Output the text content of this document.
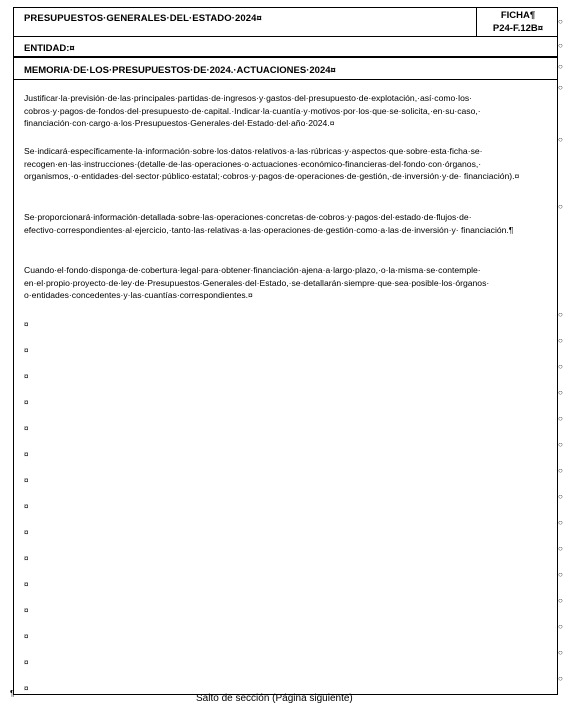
PRESUPUESTOS·GENERALES·DEL·ESTADO·2024¤	FICHA¶
P24-F.12B¤
ENTIDAD:¤
MEMORIA·DE·LOS·PRESUPUESTOS·DE·2024.·ACTUACIONES·2024¤
Justificar·la·previsión·de·las·principales·partidas·de·ingresos·y·gastos·del·presupuesto·de·explotación,·así·como·los· cobros·y·pagos·de·fondos·del·presupuesto·de·capital.·Indicar·la·cuantía·y·motivos·por·los·que·se·solicita,·en·su·caso,· financiación·con·cargo·a·los·Presupuestos·Generales·del·Estado·del·año·2024.¤
Se·indicará·específicamente·la·información·sobre·los·datos·relativos·a·las·rúbricas·y·aspectos·que·sobre·esta·ficha·se· recogen·en·las·instrucciones·(detalle·de·las·operaciones·o·actuaciones·económico-financieras·del·fondo·con·órganos,· organismos,·o·entidades·del·sector·público·estatal;·cobros·y·pagos·de·operaciones·de·gestión,·de·inversión·y·de· financiación).¤
Se·proporcionará·información·detallada·sobre·las·operaciones·concretas·de·cobros·y·pagos·del·estado·de·flujos·de· efectivo·correspondientes·al·ejercicio,·tanto·las·relativas·a·las·operaciones·de·gestión·como·a·las·de·inversión·y· financiación.¶
Cuando·el·fondo·disponga·de·cobertura·legal·para·obtener·financiación·ajena·a·largo·plazo,·o·la·misma·se·contemple· en·el·propio·proyecto·de·ley·de·Presupuestos·Generales·del·Estado,·se·detallarán·siempre·que·sea·posible·los·órganos· o·entidades·concedentes·y·las·cuantías·correspondientes.¤
¤
¤
¤
¤
¤
¤
¤
¤
¤
¤
¤
¤
¤
¤
¤
○
○
○
○
○
○
○
○
○
○
○
○
○
○
○
○
○
○
○
○
○
¶	Salto de sección (Página siguiente)
